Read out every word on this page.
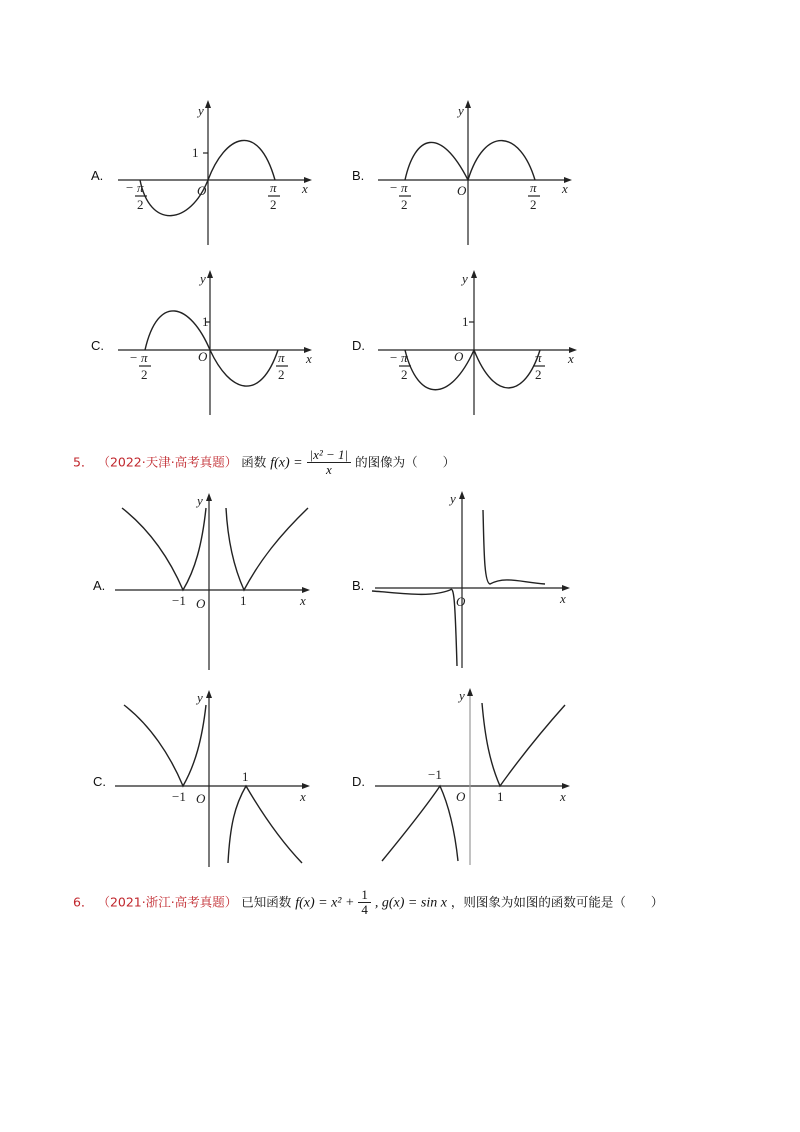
A.
1
O	x
y
− π
2
π
2
B.
O	x
y
− π
2
π
2
C.
1
O	x
y
− π
2
π
2
D.
1
O	x
y
− π
2
π
2
5． （2022·天津·高考真题） 函数 $f(x) = \frac{\text{|x² − 1|}}{x}$ 的图像为（　　）
A.
−1	1
O	x
y
B.
O	x
y
C.
−1
1
O	x
y
D.	−1
1
O	x
y
6． （2021·浙江·高考真题） 已知函数 $f(x) = x^2 + \frac{1}{4}$ , g(x) = sin x ，则图象为如图的函数可能是（　　）
